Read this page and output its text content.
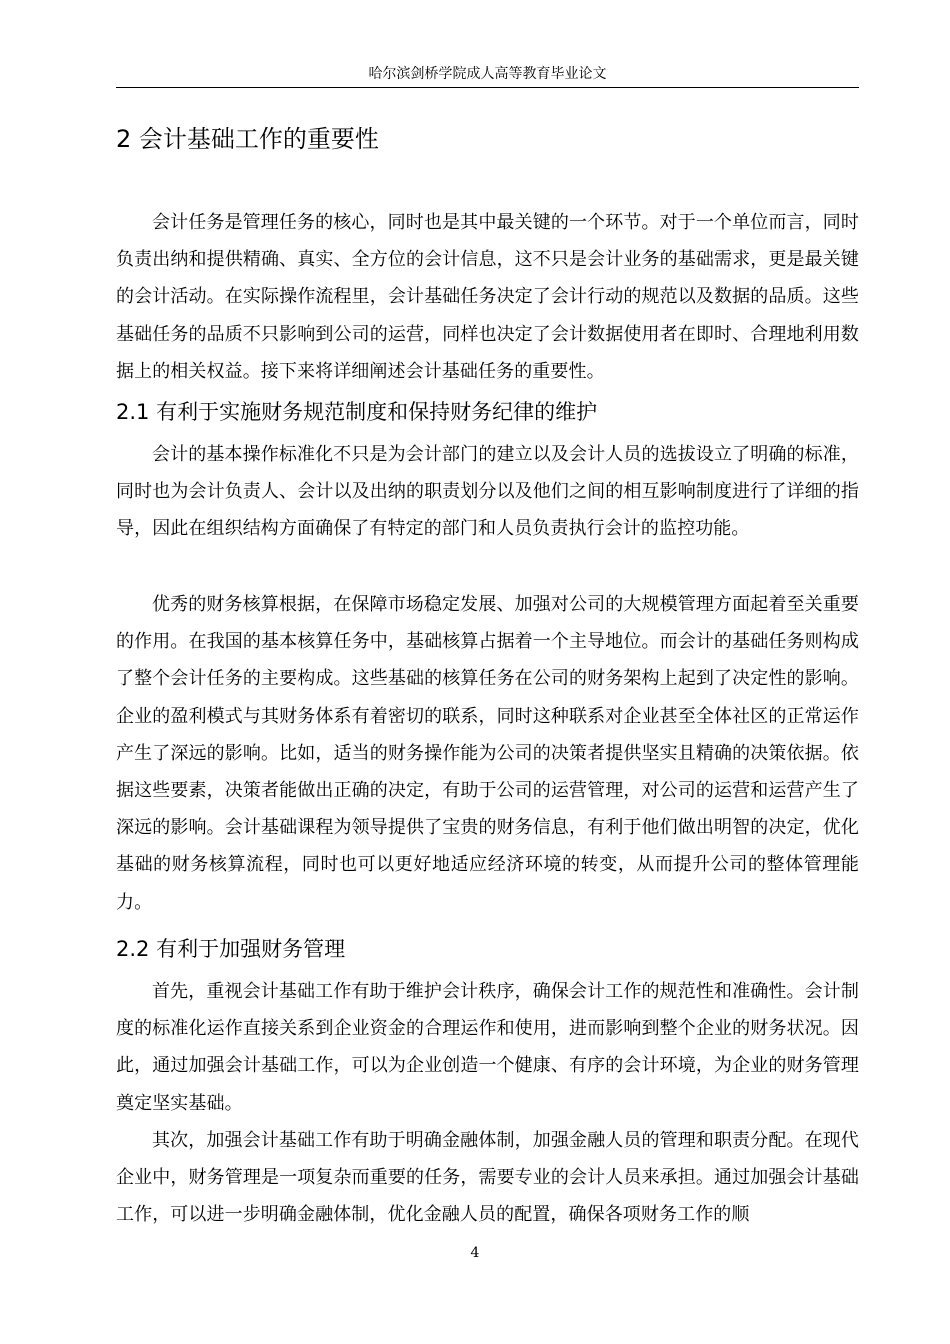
哈尔滨剑桥学院成人高等教育毕业论文
2 会计基础工作的重要性

会计任务是管理任务的核心，同时也是其中最关键的一个环节。对于一个单位而言，同时负责出纳和提供精确、真实、全方位的会计信息，这不只是会计业务的基础需求，更是最关键的会计活动。在实际操作流程里，会计基础任务决定了会计行动的规范以及数据的品质。这些基础任务的品质不只影响到公司的运营，同样也决定了会计数据使用者在即时、合理地利用数据上的相关权益。接下来将详细阐述会计基础任务的重要性。

2.1 有利于实施财务规范制度和保持财务纪律的维护

会计的基本操作标准化不只是为会计部门的建立以及会计人员的选拔设立了明确的标准，同时也为会计负责人、会计以及出纳的职责划分以及他们之间的相互影响制度进行了详细的指导，因此在组织结构方面确保了有特定的部门和人员负责执行会计的监控功能。

优秀的财务核算根据，在保障市场稳定发展、加强对公司的大规模管理方面起着至关重要的作用。在我国的基本核算任务中，基础核算占据着一个主导地位。而会计的基础任务则构成了整个会计任务的主要构成。这些基础的核算任务在公司的财务架构上起到了决定性的影响。企业的盈利模式与其财务体系有着密切的联系，同时这种联系对企业甚至全体社区的正常运作产生了深远的影响。比如，适当的财务操作能为公司的决策者提供坚实且精确的决策依据。依据这些要素，决策者能做出正确的决定，有助于公司的运营管理，对公司的运营和运营产生了深远的影响。会计基础课程为领导提供了宝贵的财务信息，有利于他们做出明智的决定，优化基础的财务核算流程，同时也可以更好地适应经济环境的转变，从而提升公司的整体管理能力。

2.2 有利于加强财务管理

首先，重视会计基础工作有助于维护会计秩序，确保会计工作的规范性和准确性。会计制度的标准化运作直接关系到企业资金的合理运作和使用，进而影响到整个企业的财务状况。因此，通过加强会计基础工作，可以为企业创造一个健康、有序的会计环境，为企业的财务管理奠定坚实基础。

其次，加强会计基础工作有助于明确金融体制，加强金融人员的管理和职责分配。在现代企业中，财务管理是一项复杂而重要的任务，需要专业的会计人员来承担。通过加强会计基础工作，可以进一步明确金融体制，优化金融人员的配置，确保各项财务工作的顺

4
